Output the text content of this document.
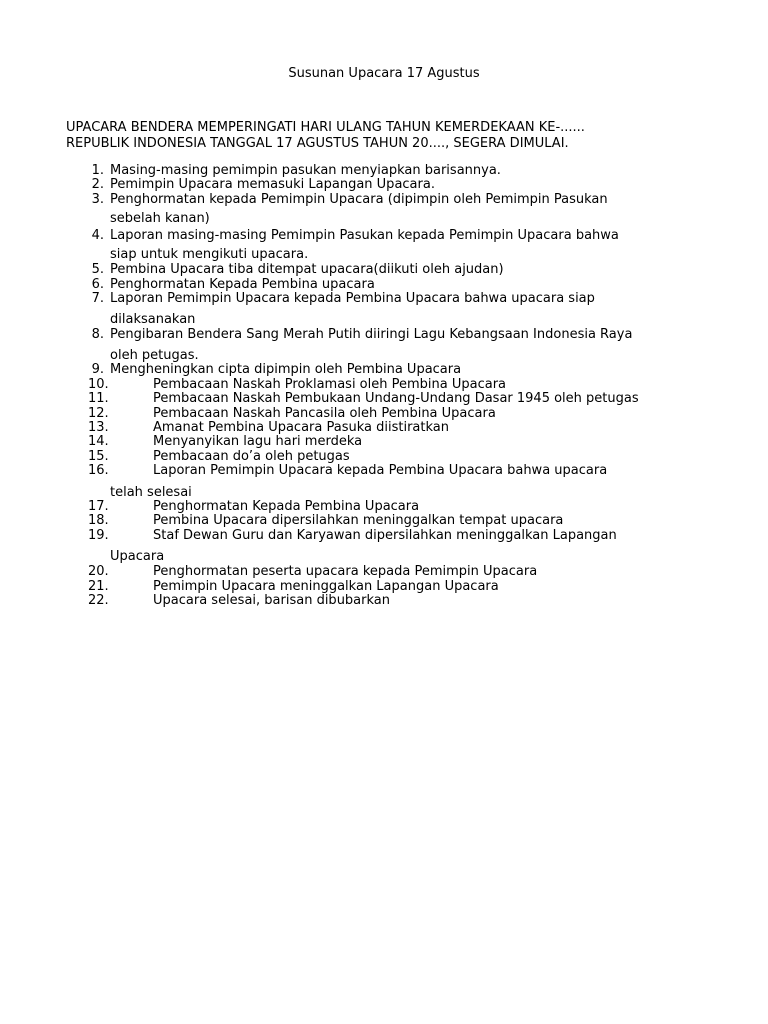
Susunan Upacara 17 Agustus
UPACARA BENDERA MEMPERINGATI HARI ULANG TAHUN KEMERDEKAAN KE-......
REPUBLIK INDONESIA TANGGAL 17 AGUSTUS TAHUN 20...., SEGERA DIMULAI.
1. Masing-masing pemimpin pasukan menyiapkan barisannya.
2. Pemimpin Upacara memasuki Lapangan Upacara.
3. Penghormatan kepada Pemimpin Upacara (dipimpin oleh Pemimpin Pasukan
sebelah kanan)
4. Laporan masing-masing Pemimpin Pasukan kepada Pemimpin Upacara bahwa
siap untuk mengikuti upacara.
5. Pembina Upacara tiba ditempat upacara(diikuti oleh ajudan)
6. Penghormatan Kepada Pembina upacara
7. Laporan Pemimpin Upacara kepada Pembina Upacara bahwa upacara siap
dilaksanakan
8. Pengibaran Bendera Sang Merah Putih diiringi Lagu Kebangsaan Indonesia Raya
oleh petugas.
9. Mengheningkan cipta dipimpin oleh Pembina Upacara
10.	Pembacaan Naskah Proklamasi oleh Pembina Upacara
11.	Pembacaan Naskah Pembukaan Undang-Undang Dasar 1945 oleh petugas
12.	Pembacaan Naskah Pancasila oleh Pembina Upacara
13.	Amanat Pembina Upacara Pasuka diistiratkan
14.	Menyanyikan lagu hari merdeka
15.	Pembacaan do’a oleh petugas
16.	Laporan Pemimpin Upacara kepada Pembina Upacara bahwa upacara
telah selesai
17.	Penghormatan Kepada Pembina Upacara
18.	Pembina Upacara dipersilahkan meninggalkan tempat upacara
19.	Staf Dewan Guru dan Karyawan dipersilahkan meninggalkan Lapangan
Upacara
20.	Penghormatan peserta upacara kepada Pemimpin Upacara
21.	Pemimpin Upacara meninggalkan Lapangan Upacara
22.	Upacara selesai, barisan dibubarkan
